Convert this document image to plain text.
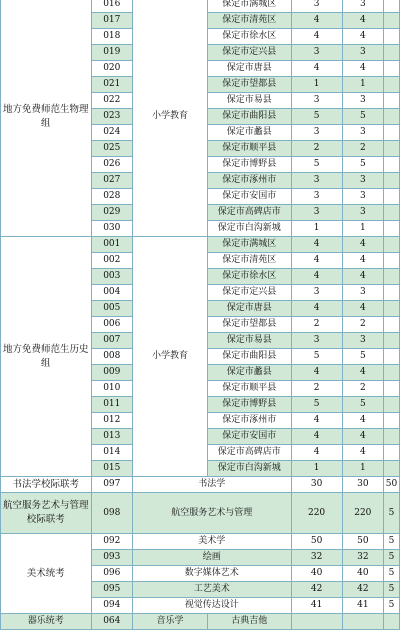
地方免费师范生物理组	016	小学教育	保定市满城区	3	3	
	017		保定市清苑区	4	4	
	018		保定市徐水区	4	4	
	019		保定市定兴县	3	3	
	020		保定市唐县	4	4	
	021		保定市望都县	1	1	
	022		保定市易县	3	3	
	023		保定市曲阳县	5	5	
	024		保定市蠡县	3	3	
	025		保定市顺平县	2	2	
	026		保定市博野县	5	5	
	027		保定市涿州市	3	3	
	028		保定市安国市	3	3	
	029		保定市高碑店市	3	3	
	030		保定市白沟新城	1	1	
地方免费师范生历史组	001	小学教育	保定市满城区	4	4	
	002		保定市清苑区	4	4	
	003		保定市徐水区	4	4	
	004		保定市定兴县	3	3	
	005		保定市唐县	4	4	
	006		保定市望都县	2	2	
	007		保定市易县	3	3	
	008		保定市曲阳县	5	5	
	009		保定市蠡县	4	4	
	010		保定市顺平县	2	2	
	011		保定市博野县	5	5	
	012		保定市涿州市	4	4	
	013		保定市安国市	4	4	
	014		保定市高碑店市	4	4	
	015		保定市白沟新城	1	1	
书法学校际联考	097	书法学		30	30	50
航空服务艺术与管理校际联考	098	航空服务艺术与管理		220	220	5
美术统考	092	美术学		50	50	5
	093	绘画		32	32	5
	096	数字媒体艺术		40	40	5
	095	工艺美术		42	42	5
	094	视觉传达设计		41	41	5
器乐统考	064	音乐学	古典吉他			
